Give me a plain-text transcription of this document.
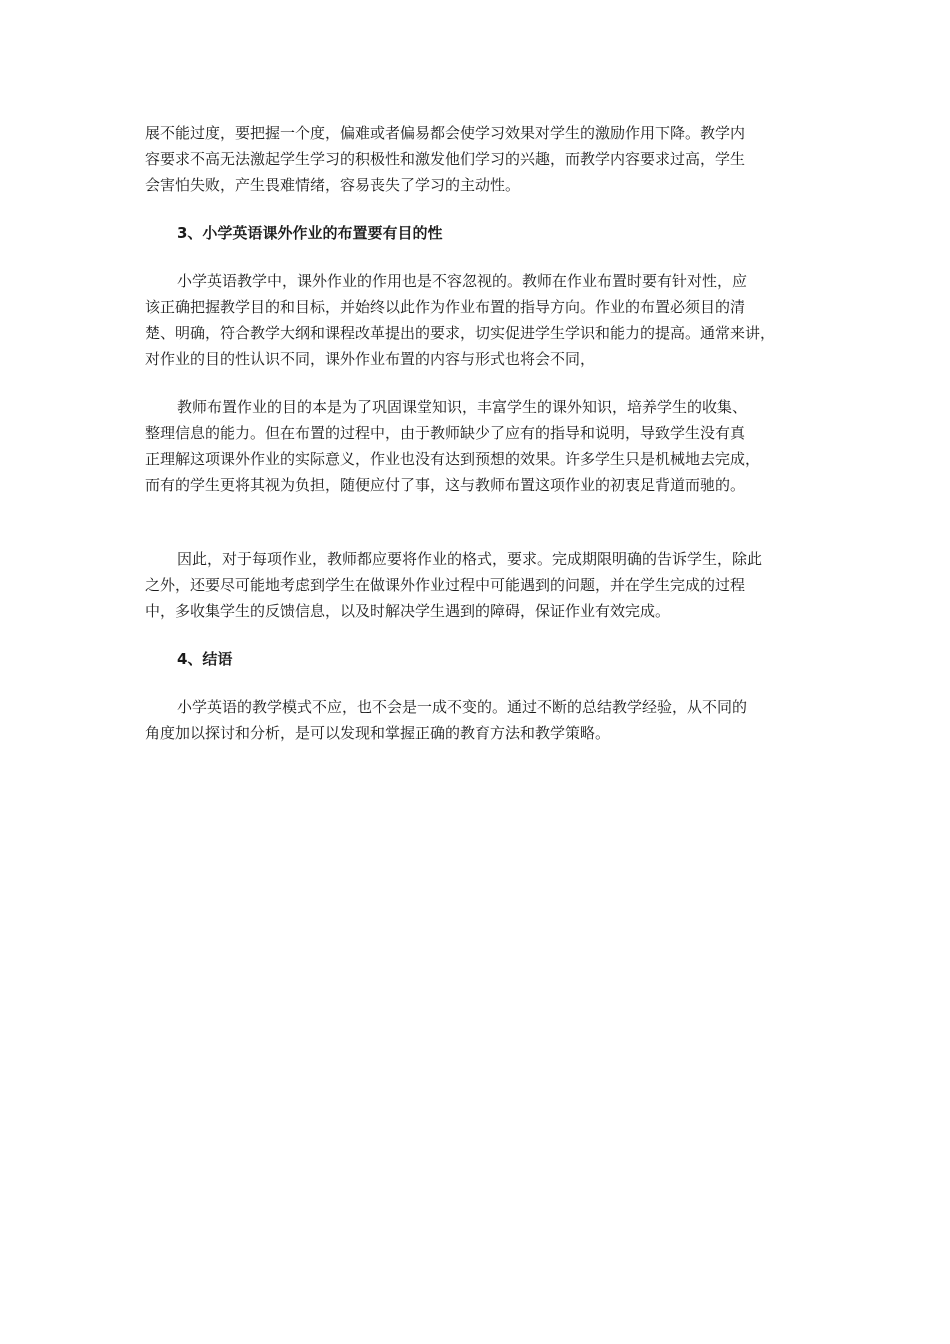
展不能过度，要把握一个度，偏难或者偏易都会使学习效果对学生的激励作用下降。教学内
容要求不高无法激起学生学习的积极性和激发他们学习的兴趣，而教学内容要求过高，学生
会害怕失败，产生畏难情绪，容易丧失了学习的主动性。

3、小学英语课外作业的布置要有目的性

小学英语教学中，课外作业的作用也是不容忽视的。教师在作业布置时要有针对性，应
该正确把握教学目的和目标，并始终以此作为作业布置的指导方向。作业的布置必须目的清
楚、明确，符合教学大纲和课程改革提出的要求，切实促进学生学识和能力的提高。通常来讲，
对作业的目的性认识不同，课外作业布置的内容与形式也将会不同，

教师布置作业的目的本是为了巩固课堂知识，丰富学生的课外知识，培养学生的收集、
整理信息的能力。但在布置的过程中，由于教师缺少了应有的指导和说明，导致学生没有真
正理解这项课外作业的实际意义，作业也没有达到预想的效果。许多学生只是机械地去完成，
而有的学生更将其视为负担，随便应付了事，这与教师布置这项作业的初衷足背道而驰的。

因此，对于每项作业，教师都应要将作业的格式，要求。完成期限明确的告诉学生，除此
之外，还要尽可能地考虑到学生在做课外作业过程中可能遇到的问题，并在学生完成的过程
中，多收集学生的反馈信息，以及时解决学生遇到的障碍，保证作业有效完成。

4、结语

小学英语的教学模式不应，也不会是一成不变的。通过不断的总结教学经验，从不同的
角度加以探讨和分析，是可以发现和掌握正确的教育方法和教学策略。
